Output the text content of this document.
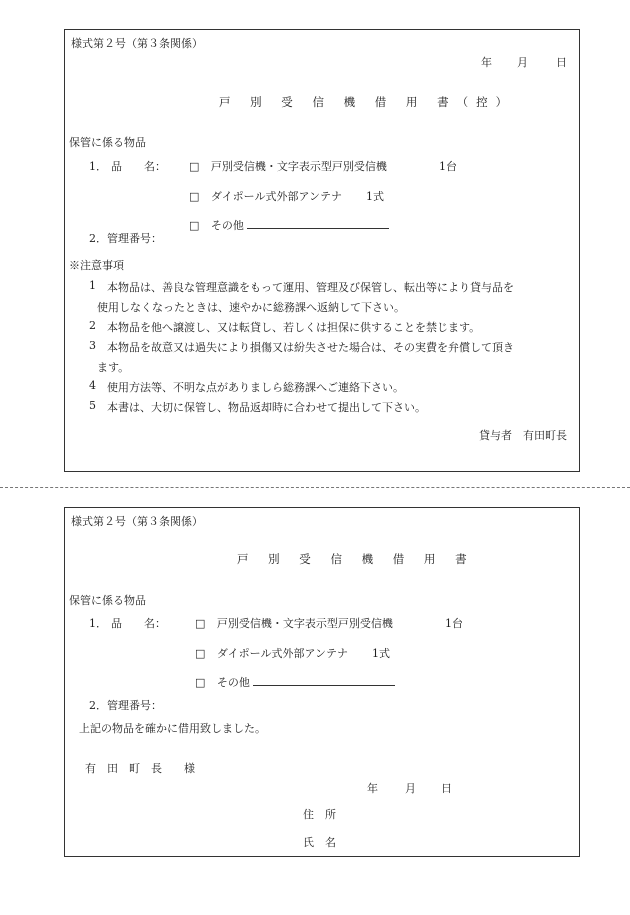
様式第２号（第３条関係）
年 月	日
戸 別 受 信 機 借 用 書（控）
保管に係る物品
1． 品　　名： □ 戸別受信機・文字表示型戸別受信機	1台
□ ダイポール式外部アンテナ 1式
□ その他
2．管理番号：
※注意事項
1 本物品は、善良な管理意識をもって運用、管理及び保管し、転出等により貸与品を
使用しなくなったときは、速やかに総務課へ返納して下さい。
2 本物品を他へ譲渡し、又は転貸し、若しくは担保に供することを禁じます。
3 本物品を故意又は過失により損傷又は紛失させた場合は、その実費を弁償して頂き
ます。
4 使用方法等、不明な点がありましら総務課へご連絡下さい。
5 本書は、大切に保管し、物品返却時に合わせて提出して下さい。
貸与者　有田町長
様式第２号（第３条関係）
戸 別 受 信 機 借 用 書
保管に係る物品
1． 品　　名：	□ 戸別受信機・文字表示型戸別受信機	1台
□ ダイポール式外部アンテナ 1式
□ その他
2．管理番号：
上記の物品を確かに借用致しました。
有　田　町　長　　様
年 月 日
住　所
氏　名
